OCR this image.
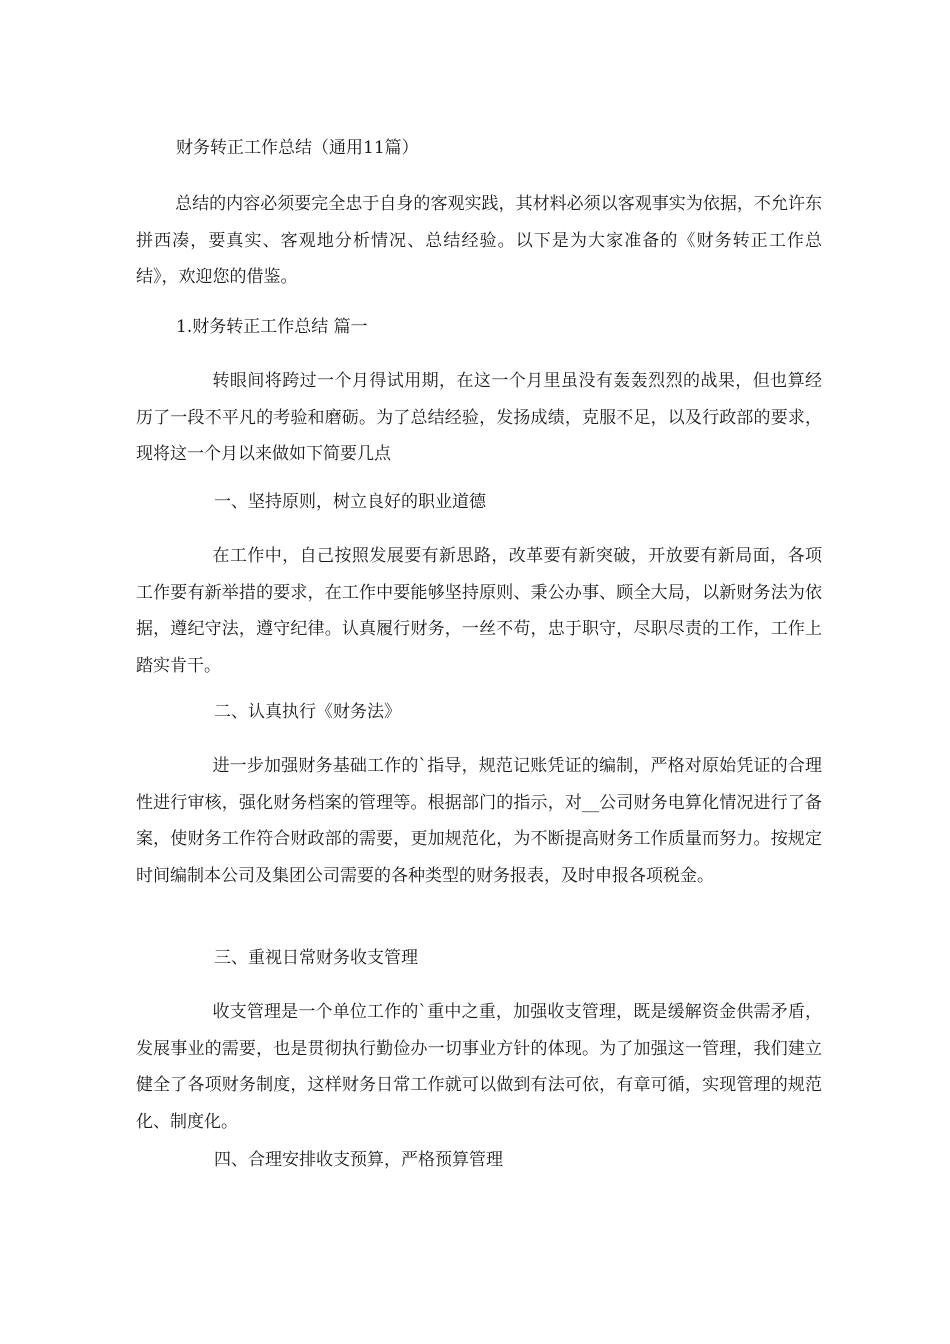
财务转正工作总结（通用11篇）

总结的内容必须要完全忠于自身的客观实践，其材料必须以客观事实为依据，不允许东拼西凑，要真实、客观地分析情况、总结经验。以下是为大家准备的《财务转正工作总结》，欢迎您的借鉴。

1.财务转正工作总结 篇一

转眼间将跨过一个月得试用期，在这一个月里虽没有轰轰烈烈的战果，但也算经历了一段不平凡的考验和磨砺。为了总结经验，发扬成绩，克服不足，以及行政部的要求，现将这一个月以来做如下简要几点

一、坚持原则，树立良好的职业道德

在工作中，自己按照发展要有新思路，改革要有新突破，开放要有新局面，各项工作要有新举措的要求，在工作中要能够坚持原则、秉公办事、顾全大局，以新财务法为依据，遵纪守法，遵守纪律。认真履行财务，一丝不苟，忠于职守，尽职尽责的工作，工作上踏实肯干。

二、认真执行《财务法》

进一步加强财务基础工作的`指导，规范记账凭证的编制，严格对原始凭证的合理性进行审核，强化财务档案的管理等。根据部门的指示，对__公司财务电算化情况进行了备案，使财务工作符合财政部的需要，更加规范化，为不断提高财务工作质量而努力。按规定时间编制本公司及集团公司需要的各种类型的财务报表，及时申报各项税金。

三、重视日常财务收支管理

收支管理是一个单位工作的`重中之重，加强收支管理，既是缓解资金供需矛盾，发展事业的需要，也是贯彻执行勤俭办一切事业方针的体现。为了加强这一管理，我们建立健全了各项财务制度，这样财务日常工作就可以做到有法可依，有章可循，实现管理的规范化、制度化。

四、合理安排收支预算，严格预算管理
